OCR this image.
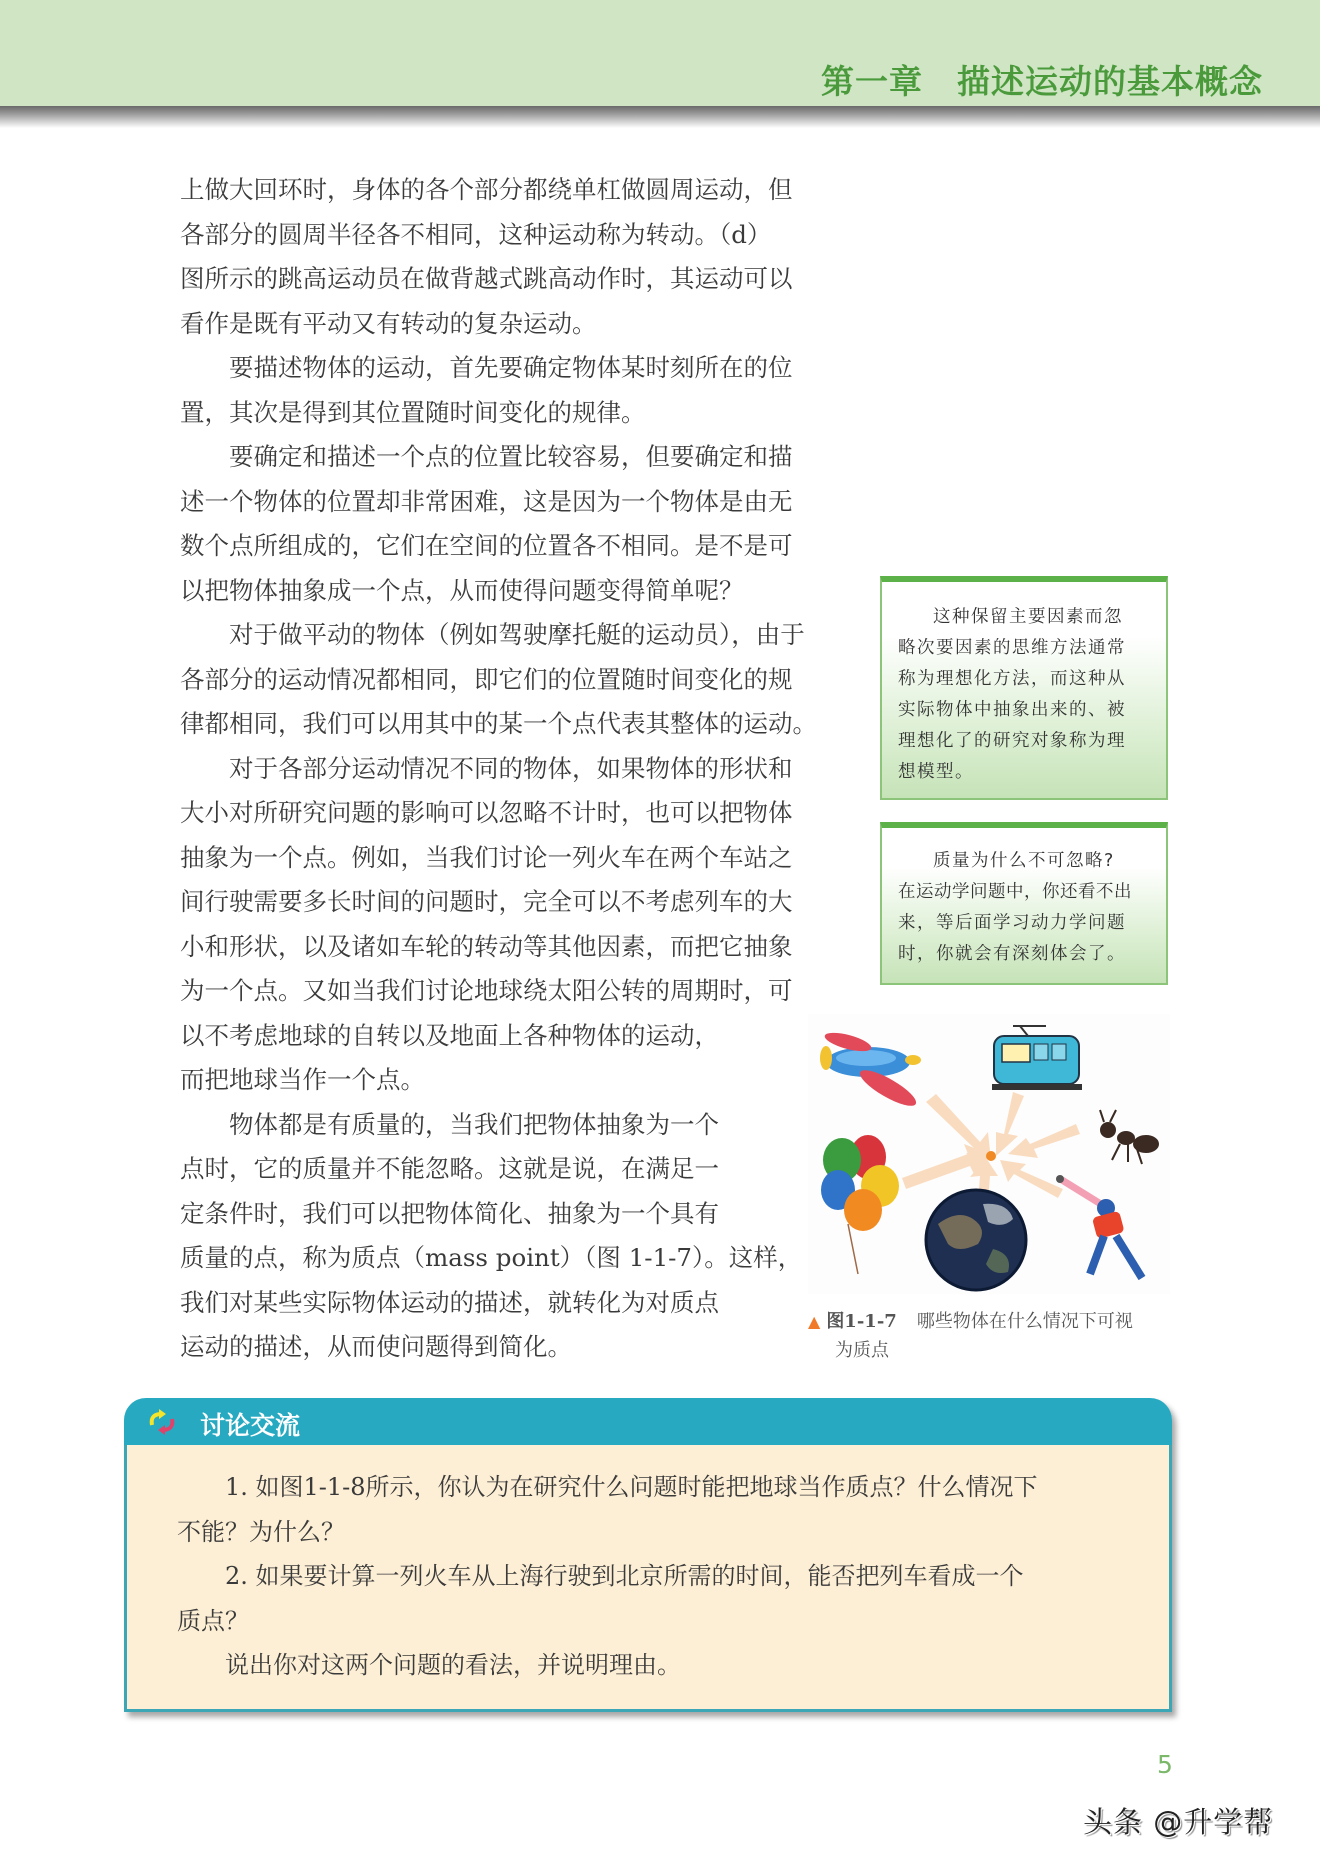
第一章　描述运动的基本概念

上做大回环时，身体的各个部分都绕单杠做圆周运动，但
各部分的圆周半径各不相同，这种运动称为转动。（d）
图所示的跳高运动员在做背越式跳高动作时，其运动可以
看作是既有平动又有转动的复杂运动。

要描述物体的运动，首先要确定物体某时刻所在的位
置，其次是得到其位置随时间变化的规律。

要确定和描述一个点的位置比较容易，但要确定和描
述一个物体的位置却非常困难，这是因为一个物体是由无
数个点所组成的，它们在空间的位置各不相同。是不是可
以把物体抽象成一个点，从而使得问题变得简单呢？

对于做平动的物体（例如驾驶摩托艇的运动员），由于
各部分的运动情况都相同，即它们的位置随时间变化的规
律都相同，我们可以用其中的某一个点代表其整体的运动。

对于各部分运动情况不同的物体，如果物体的形状和
大小对所研究问题的影响可以忽略不计时，也可以把物体
抽象为一个点。例如，当我们讨论一列火车在两个车站之
间行驶需要多长时间的问题时，完全可以不考虑列车的大
小和形状，以及诸如车轮的转动等其他因素，而把它抽象
为一个点。又如当我们讨论地球绕太阳公转的周期时，可
以不考虑地球的自转以及地面上各种物体的运动，
而把地球当作一个点。

物体都是有质量的，当我们把物体抽象为一个
点时，它的质量并不能忽略。这就是说，在满足一
定条件时，我们可以把物体简化、抽象为一个具有
质量的点，称为质点（mass point）（图 1-1-7）。这样，
我们对某些实际物体运动的描述，就转化为对质点
运动的描述，从而使问题得到简化。

这种保留主要因素而忽
略次要因素的思维方法通常
称为理想化方法，而这种从
实际物体中抽象出来的、被
理想化了的研究对象称为理
想模型。
质量为什么不可忽略?
在运动学问题中，你还看不出
来，等后面学习动力学问题
时，你就会有深刻体会了。
▲ 图1-1-7 哪些物体在什么情况下可视
为质点
讨论交流

1. 如图1-1-8所示，你认为在研究什么问题时能把地球当作质点？什么情况下

不能？为什么？

2. 如果要计算一列火车从上海行驶到北京所需的时间，能否把列车看成一个

质点？

说出你对这两个问题的看法，并说明理由。

5
头条 @升学帮
